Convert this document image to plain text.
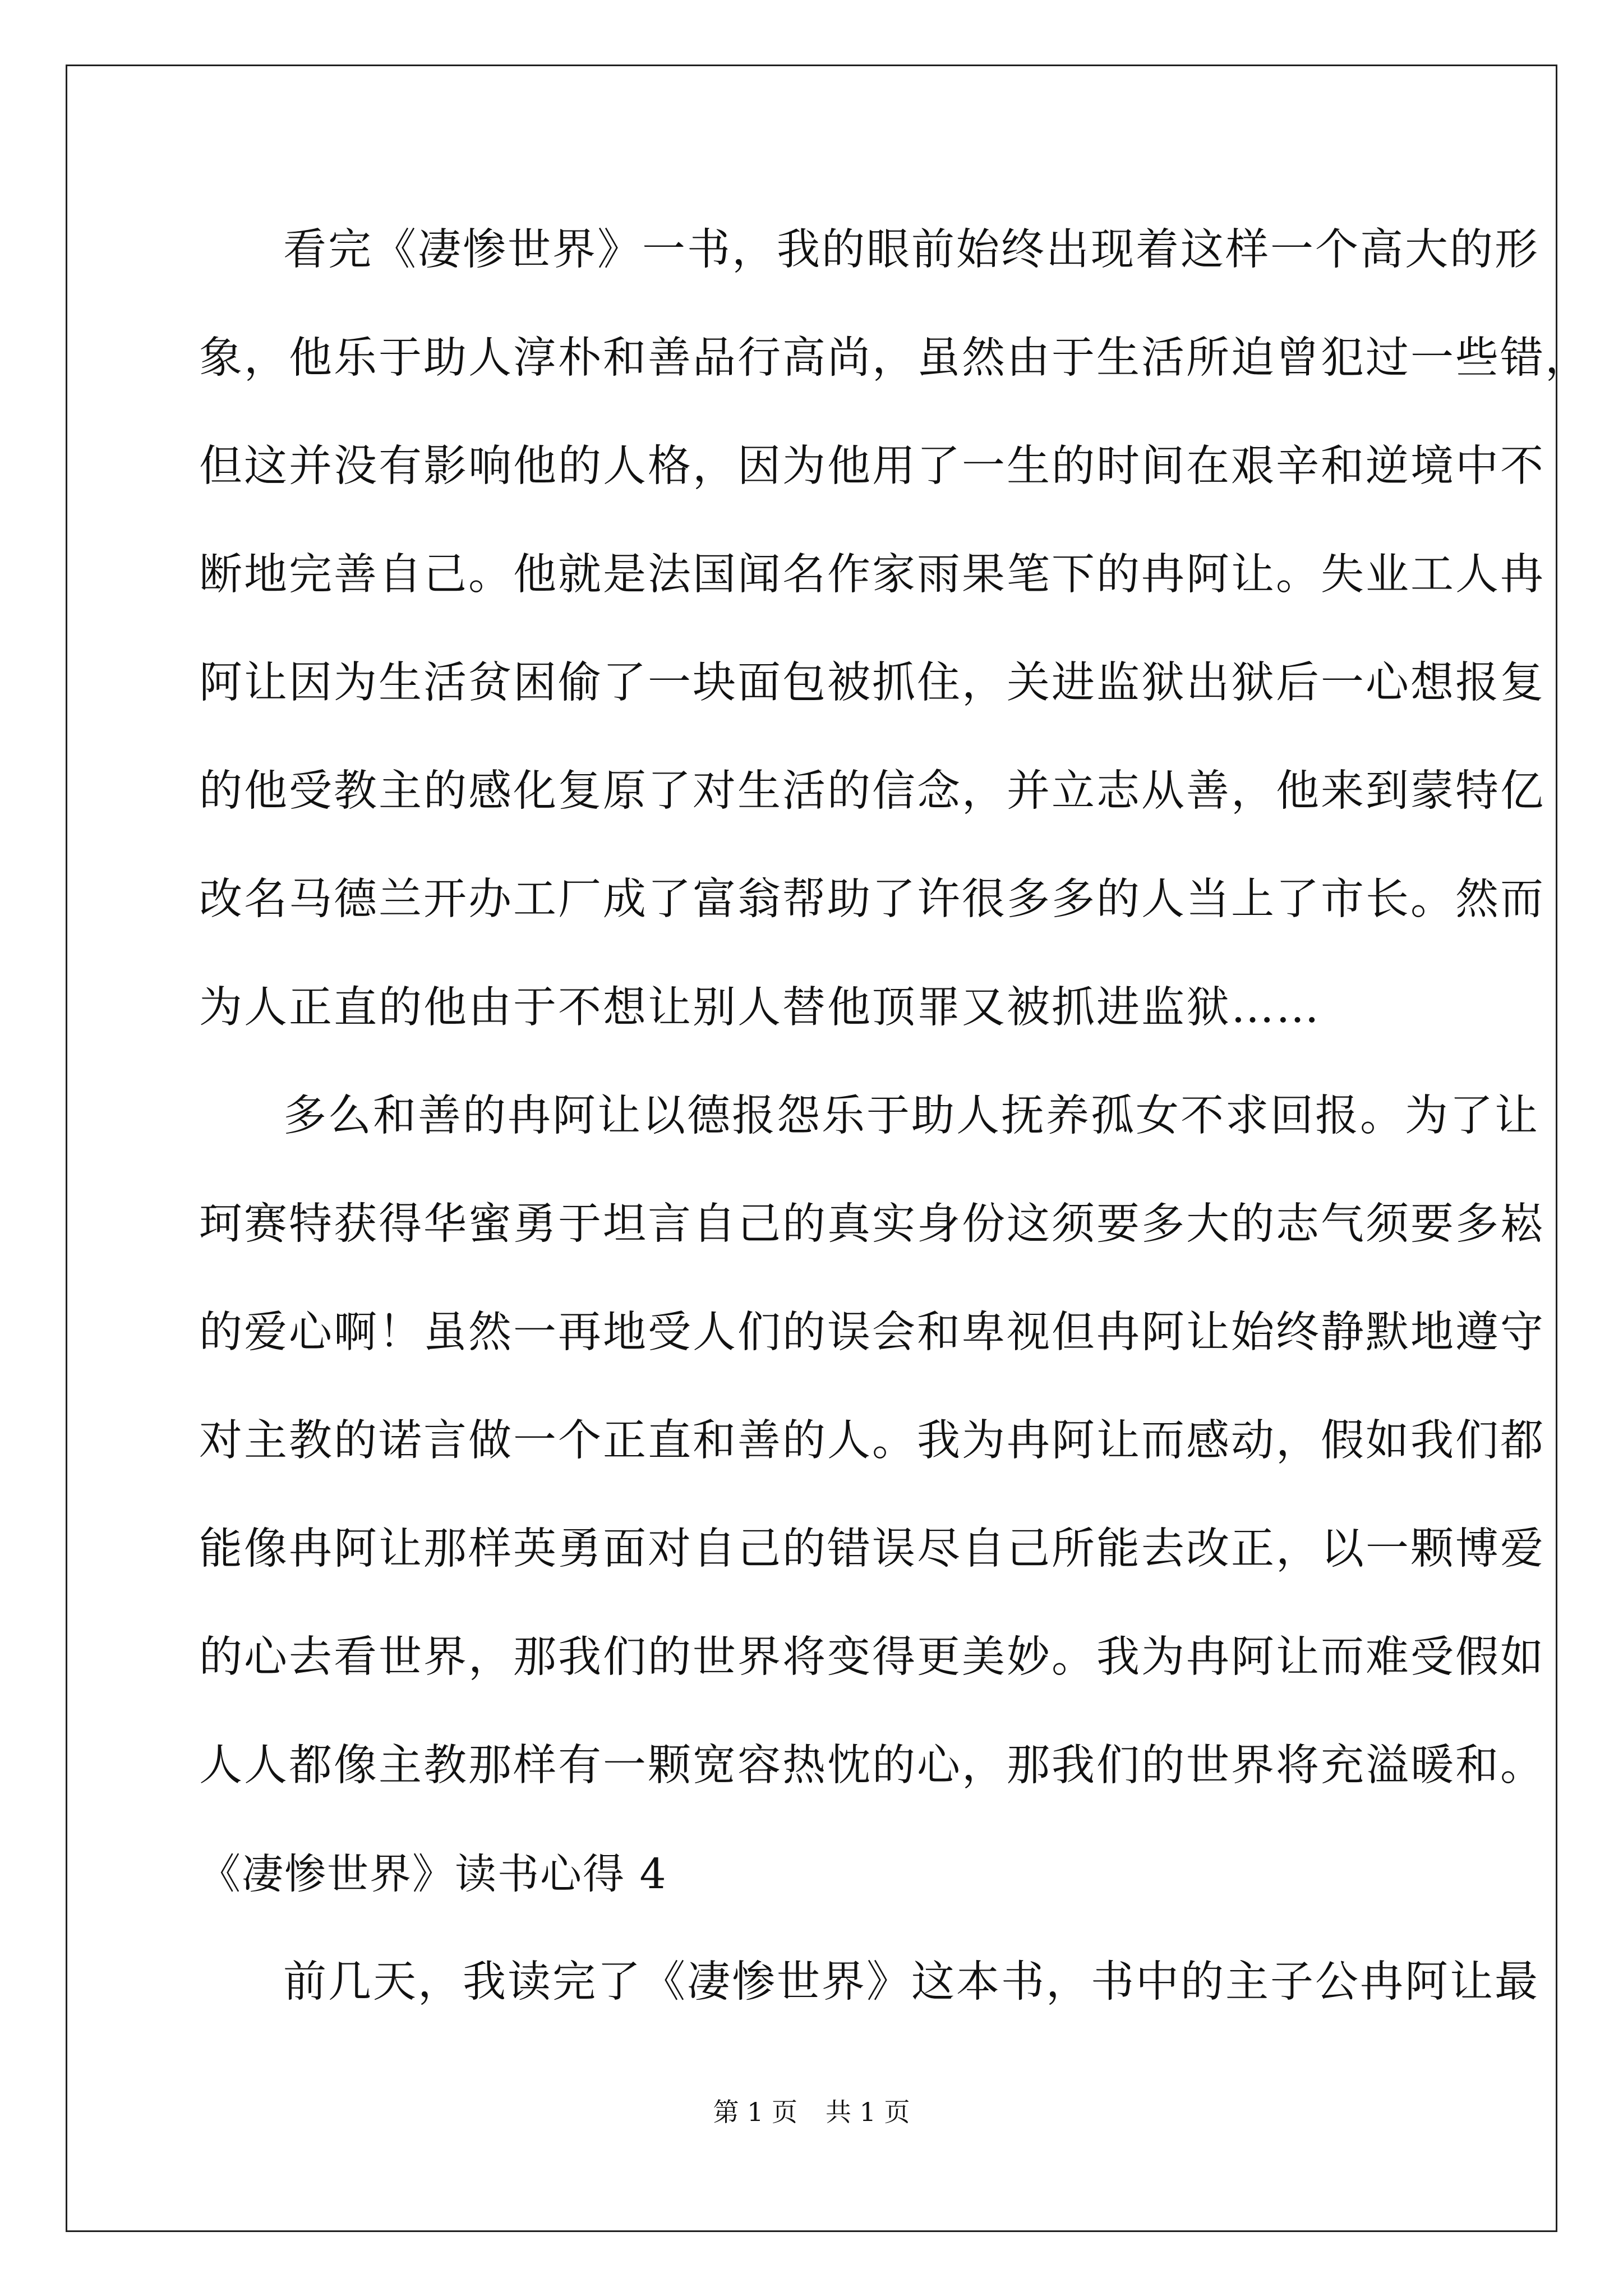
看完《凄惨世界》一书，我的眼前始终出现着这样一个高大的形
象，他乐于助人淳朴和善品行高尚，虽然由于生活所迫曾犯过一些错，
但这并没有影响他的人格，因为他用了一生的时间在艰辛和逆境中不
断地完善自己。他就是法国闻名作家雨果笔下的冉阿让。失业工人冉
阿让因为生活贫困偷了一块面包被抓住，关进监狱出狱后一心想报复
的他受教主的感化复原了对生活的信念，并立志从善，他来到蒙特亿
改名马德兰开办工厂成了富翁帮助了许很多多的人当上了市长。然而
为人正直的他由于不想让别人替他顶罪又被抓进监狱……
多么和善的冉阿让以德报怨乐于助人抚养孤女不求回报。为了让
珂赛特获得华蜜勇于坦言自己的真实身份这须要多大的志气须要多崧
的爱心啊！虽然一再地受人们的误会和卑视但冉阿让始终静默地遵守
对主教的诺言做一个正直和善的人。我为冉阿让而感动，假如我们都
能像冉阿让那样英勇面对自己的错误尽自己所能去改正，以一颗博爱
的心去看世界，那我们的世界将变得更美妙。我为冉阿让而难受假如
人人都像主教那样有一颗宽容热忱的心，那我们的世界将充溢暖和。
《凄惨世界》读书心得 4
前几天，我读完了《凄惨世界》这本书，书中的主子公冉阿让最
第 1 页 共 1 页
